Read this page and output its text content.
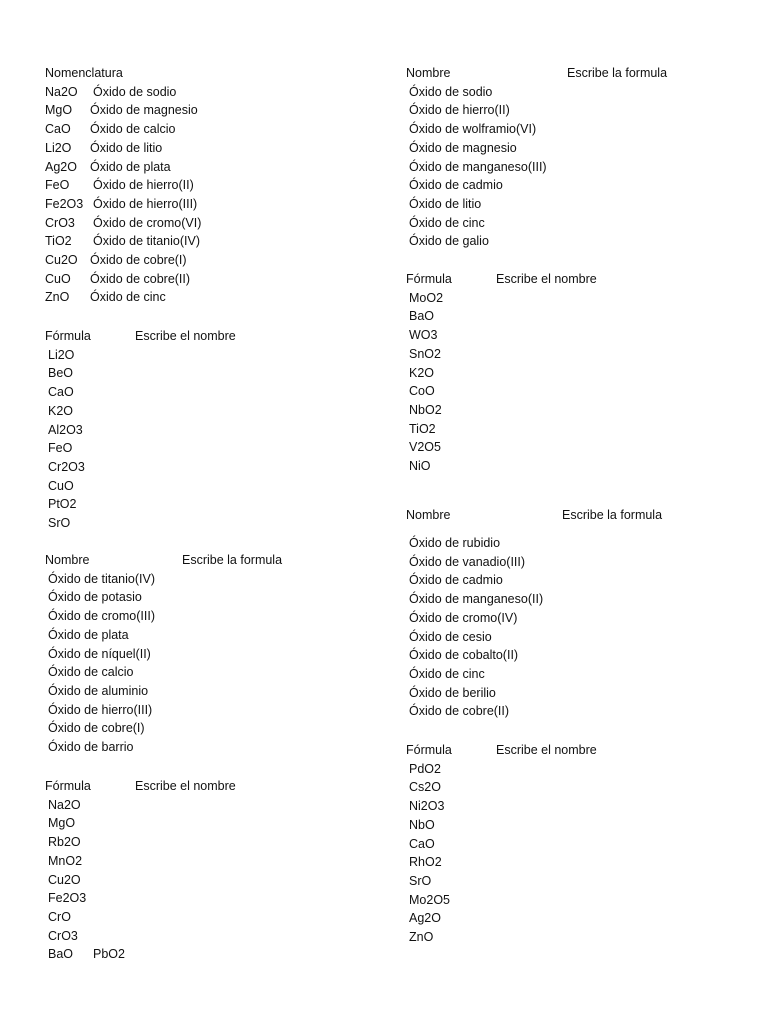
Nomenclatura
Na2O Óxido de sodio
MgO Óxido de magnesio
CaO Óxido de calcio
Li2O Óxido de litio
Ag2O Óxido de plata
FeO Óxido de hierro(II)
Fe2O3 Óxido de hierro(III)
CrO3 Óxido de cromo(VI)
TiO2 Óxido de titanio(IV)
Cu2O Óxido de cobre(I)
CuO Óxido de cobre(II)
ZnO Óxido de cinc
Fórmula	Escribe el nombre
Li2O
BeO
CaO
K2O
Al2O3
FeO
Cr2O3
CuO
PtO2
SrO
Nombre	Escribe la formula
Óxido de titanio(IV)
Óxido de potasio
Óxido de cromo(III)
Óxido de plata
Óxido de níquel(II)
Óxido de calcio
Óxido de aluminio
Óxido de hierro(III)
Óxido de cobre(I)
Óxido de barrio
Fórmula	Escribe el nombre
Na2O
MgO
Rb2O
MnO2
Cu2O
Fe2O3
CrO
CrO3
BaO PbO2
Nombre	Escribe la formula
Óxido de sodio
Óxido de hierro(II)
Óxido de wolframio(VI)
Óxido de magnesio
Óxido de manganeso(III)
Óxido de cadmio
Óxido de litio
Óxido de cinc
Óxido de galio
Fórmula	Escribe el nombre
MoO2
BaO
WO3
SnO2
K2O
CoO
NbO2
TiO2
V2O5
NiO
Nombre	Escribe la formula
Óxido de rubidio
Óxido de vanadio(III)
Óxido de cadmio
Óxido de manganeso(II)
Óxido de cromo(IV)
Óxido de cesio
Óxido de cobalto(II)
Óxido de cinc
Óxido de berilio
Óxido de cobre(II)
Fórmula	Escribe el nombre
PdO2
Cs2O
Ni2O3
NbO
CaO
RhO2
SrO
Mo2O5
Ag2O
ZnO
